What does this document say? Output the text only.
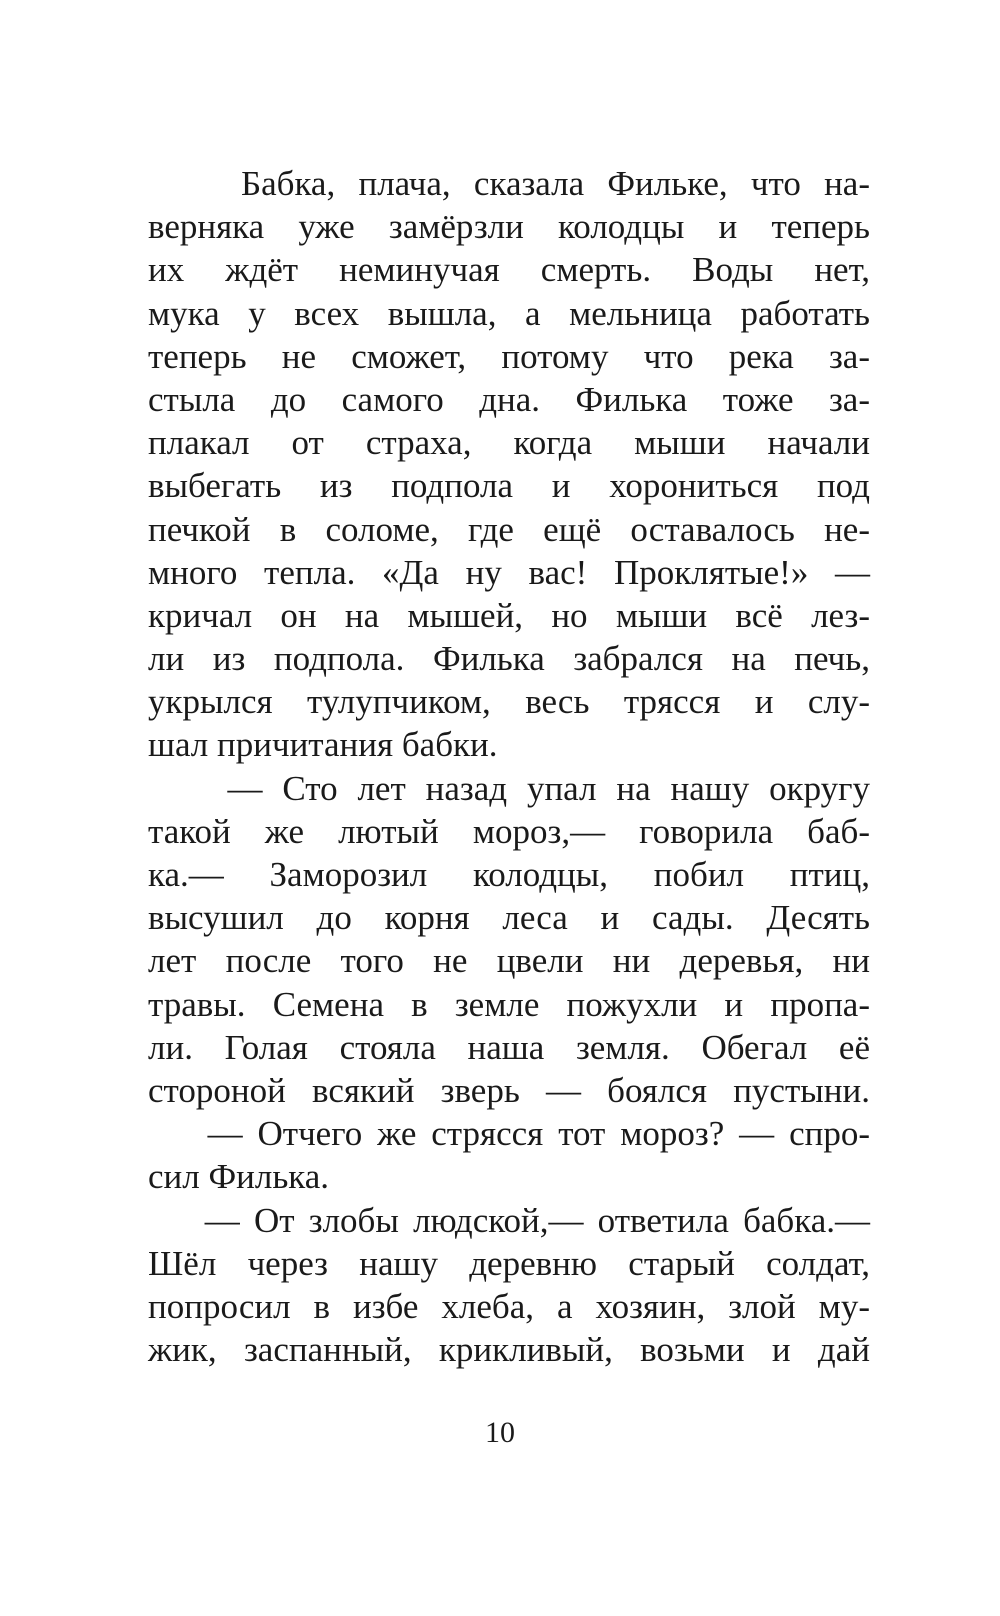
Бабка, плача, сказала Фильке, что на-
верняка уже замёрзли колодцы и теперь
их ждёт неминучая смерть. Воды нет,
мука у всех вышла, а мельница работать
теперь не сможет, потому что река за-
стыла до самого дна. Филька тоже за-
плакал от страха, когда мыши начали
выбегать из подпола и хорониться под
печкой в соломе, где ещё оставалось не-
много тепла. «Да ну вас! Проклятые!» —
кричал он на мышей, но мыши всё лез-
ли из подпола. Филька забрался на печь,
укрылся тулупчиком, весь трясся и слу-
шал причитания бабки.
— Сто лет назад упал на нашу округу
такой же лютый мороз,— говорила баб-
ка.— Заморозил колодцы, побил птиц,
высушил до корня леса и сады. Десять
лет после того не цвели ни деревья, ни
травы. Семена в земле пожухли и пропа-
ли. Голая стояла наша земля. Обегал её
стороной всякий зверь — боялся пустыни.
— Отчего же стрясся тот мороз? — спро-
сил Филька.
— От злобы людской,— ответила бабка.—
Шёл через нашу деревню старый солдат,
попросил в избе хлеба, а хозяин, злой му-
жик, заспанный, крикливый, возьми и дай
10
